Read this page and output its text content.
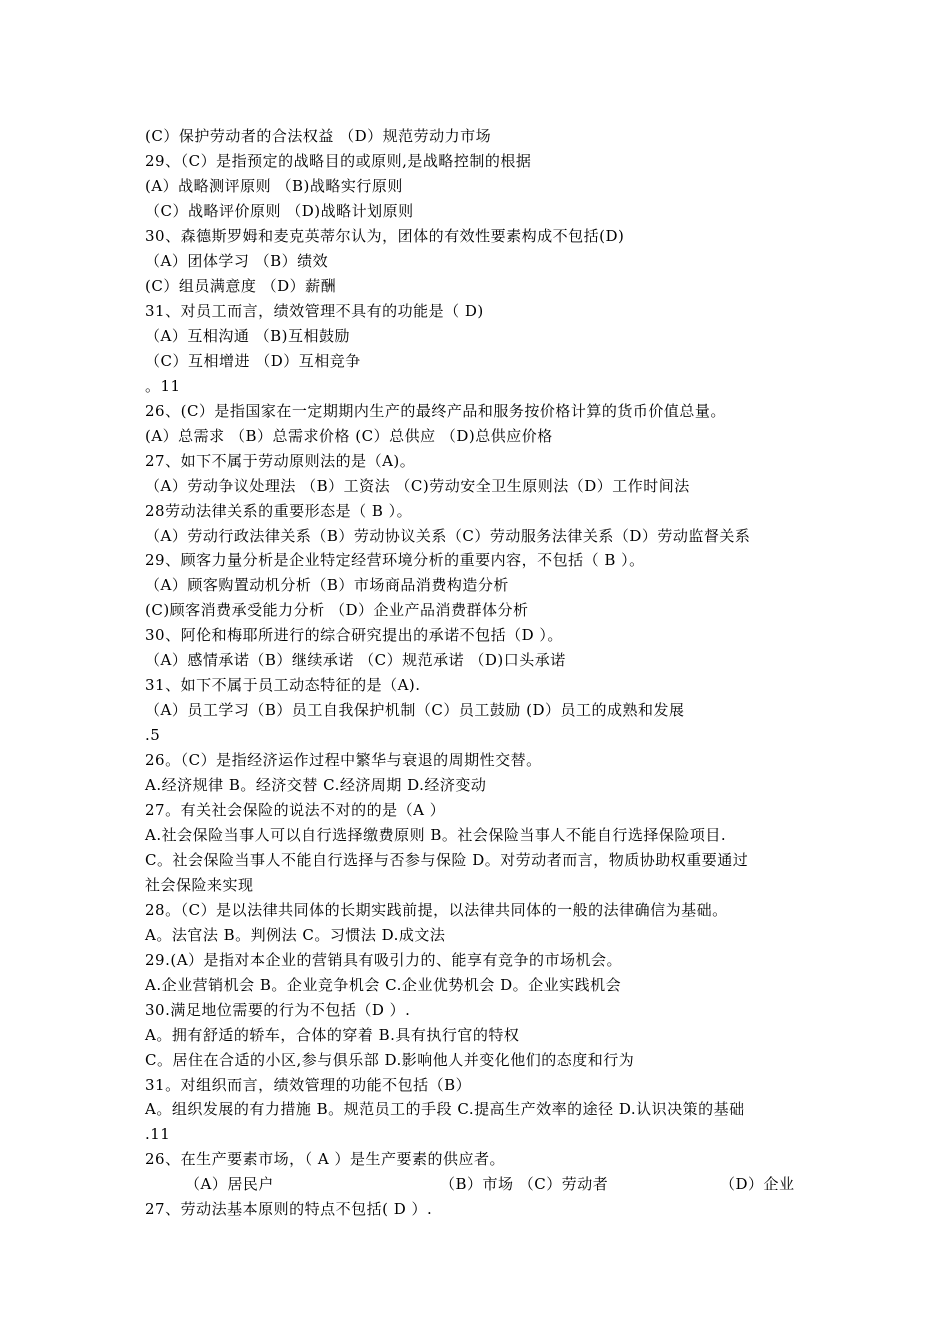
(C）保护劳动者的合法权益 （D）规范劳动力市场
29、（C）是指预定的战略目的或原则,是战略控制的根据
(A）战略测评原则 （B)战略实行原则
（C）战略评价原则 （D)战略计划原则
30、森德斯罗姆和麦克英蒂尔认为，团体的有效性要素构成不包括(D)
（A）团体学习 （B）绩效
(C）组员满意度 （D）薪酬
31、对员工而言，绩效管理不具有的功能是（ D)
（A）互相沟通 （B)互相鼓励
（C）互相增进 （D）互相竞争
。11
26、(C）是指国家在一定期期内生产的最终产品和服务按价格计算的货币价值总量。
(A）总需求 （B）总需求价格 (C）总供应 （D)总供应价格
27、如下不属于劳动原则法的是（A)。
（A）劳动争议处理法 （B）工资法 （C)劳动安全卫生原则法（D）工作时间法
28劳动法律关系的重要形态是（ B ）。
（A）劳动行政法律关系（B）劳动协议关系（C）劳动服务法律关系（D）劳动监督关系
29、顾客力量分析是企业特定经营环境分析的重要内容，不包括（ B ）。
（A）顾客购置动机分析（B）市场商品消费构造分析
(C)顾客消费承受能力分析 （D）企业产品消费群体分析
30、阿伦和梅耶所进行的综合研究提出的承诺不包括（D ）。
（A）感情承诺（B）继续承诺 （C）规范承诺 （D)口头承诺
31、如下不属于员工动态特征的是（A).
（A）员工学习（B）员工自我保护机制（C）员工鼓励 (D）员工的成熟和发展
.5
26。（C）是指经济运作过程中繁华与衰退的周期性交替。
A.经济规律 B。经济交替 C.经济周期 D.经济变动
27。有关社会保险的说法不对的的是（A ）
A.社会保险当事人可以自行选择缴费原则 B。社会保险当事人不能自行选择保险项目.
C。社会保险当事人不能自行选择与否参与保险 D。对劳动者而言，物质协助权重要通过
社会保险来实现
28。（C）是以法律共同体的长期实践前提，以法律共同体的一般的法律确信为基础。
A。法官法 B。判例法 C。习惯法 D.成文法
29.(A）是指对本企业的营销具有吸引力的、能享有竞争的市场机会。
A.企业营销机会 B。企业竞争机会 C.企业优势机会 D。企业实践机会
30.满足地位需要的行为不包括（D ）.
A。拥有舒适的轿车，合体的穿着 B.具有执行官的特权
C。居住在合适的小区,参与俱乐部 D.影响他人并变化他们的态度和行为
31。对组织而言，绩效管理的功能不包括（B）
A。组织发展的有力措施 B。规范员工的手段 C.提高生产效率的途径 D.认识决策的基础
.11
26、在生产要素市场，（ A ）是生产要素的供应者。
（A）居民户	（B）市场 （C）劳动者	（D）企业
27、劳动法基本原则的特点不包括( D ）.
